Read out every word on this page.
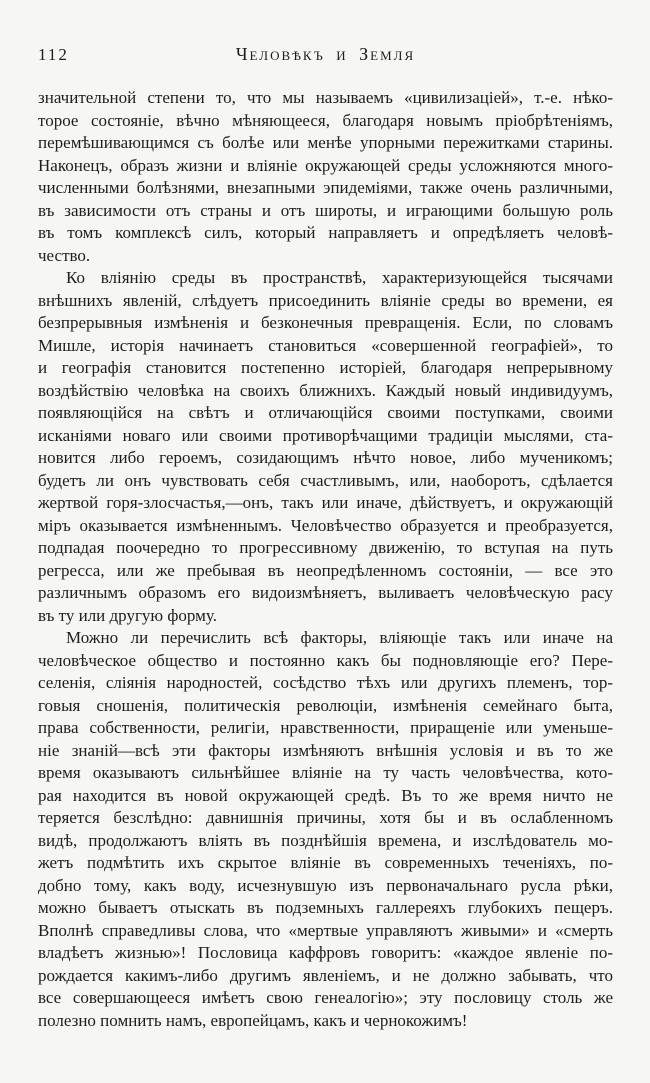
112	Человѣкъ и Земля
значительной степени то, что мы называемъ «цивилизаціей», т.-е. нѣко-
торое состояніе, вѣчно мѣняющееся, благодаря новымъ пріобрѣтеніямъ,
перемѣшивающимся съ болѣе или менѣе упорными пережитками старины.
Наконецъ, образъ жизни и вліяніе окружающей среды усложняются много-
численными болѣзнями, внезапными эпидеміями, также очень различными,
въ зависимости отъ страны и отъ широты, и играющими большую роль
въ томъ комплексѣ силъ, который направляетъ и опредѣляетъ человѣ-
чество.
Ко вліянію среды въ пространствѣ, характеризующейся тысячами
внѣшнихъ явленій, слѣдуетъ присоединить вліяніе среды во времени, ея
безпрерывныя измѣненія и безконечныя превращенія. Если, по словамъ
Мишле, исторія начинаетъ становиться «совершенной географіей», то
и географія становится постепенно исторіей, благодаря непрерывному
воздѣйствію человѣка на своихъ ближнихъ. Каждый новый индивидуумъ,
появляющійся на свѣтъ и отличающійся своими поступками, своими
исканіями новаго или своими противорѣчащими традиціи мыслями, ста-
новится либо героемъ, созидающимъ нѣчто новое, либо мученикомъ;
будетъ ли онъ чувствовать себя счастливымъ, или, наоборотъ, сдѣлается
жертвой горя-злосчастья,—онъ, такъ или иначе, дѣйствуетъ, и окружающій
міръ оказывается измѣненнымъ. Человѣчество образуется и преобразуется,
подпадая поочередно то прогрессивному движенію, то вступая на путь
регресса, или же пребывая въ неопредѣленномъ состояніи, — все это
различнымъ образомъ его видоизмѣняетъ, выливаетъ человѣческую расу
въ ту или другую форму.
Можно ли перечислить всѣ факторы, вліяющіе такъ или иначе на
человѣческое общество и постоянно какъ бы подновляющіе его? Пере-
селенія, сліянія народностей, сосѣдство тѣхъ или другихъ племенъ, тор-
говыя сношенія, политическія революціи, измѣненія семейнаго быта,
права собственности, религіи, нравственности, приращеніе или уменьше-
ніе знаній—всѣ эти факторы измѣняютъ внѣшнія условія и въ то же
время оказываютъ сильнѣйшее вліяніе на ту часть человѣчества, кото-
рая находится въ новой окружающей средѣ. Въ то же время ничто не
теряется безслѣдно: давнишнія причины, хотя бы и въ ослабленномъ
видѣ, продолжаютъ вліять въ позднѣйшія времена, и изслѣдователь мо-
жетъ подмѣтить ихъ скрытое вліяніе въ современныхъ теченіяхъ, по-
добно тому, какъ воду, исчезнувшую изъ первоначальнаго русла рѣки,
можно бываетъ отыскать въ подземныхъ галлереяхъ глубокихъ пещеръ.
Вполнѣ справедливы слова, что «мертвые управляютъ живыми» и «смерть
владѣетъ жизнью»! Пословица каффровъ говоритъ: «каждое явленіе по-
рождается какимъ-либо другимъ явленіемъ, и не должно забывать, что
все совершающееся имѣетъ свою генеалогію»; эту пословицу столь же
полезно помнить намъ, европейцамъ, какъ и чернокожимъ!
